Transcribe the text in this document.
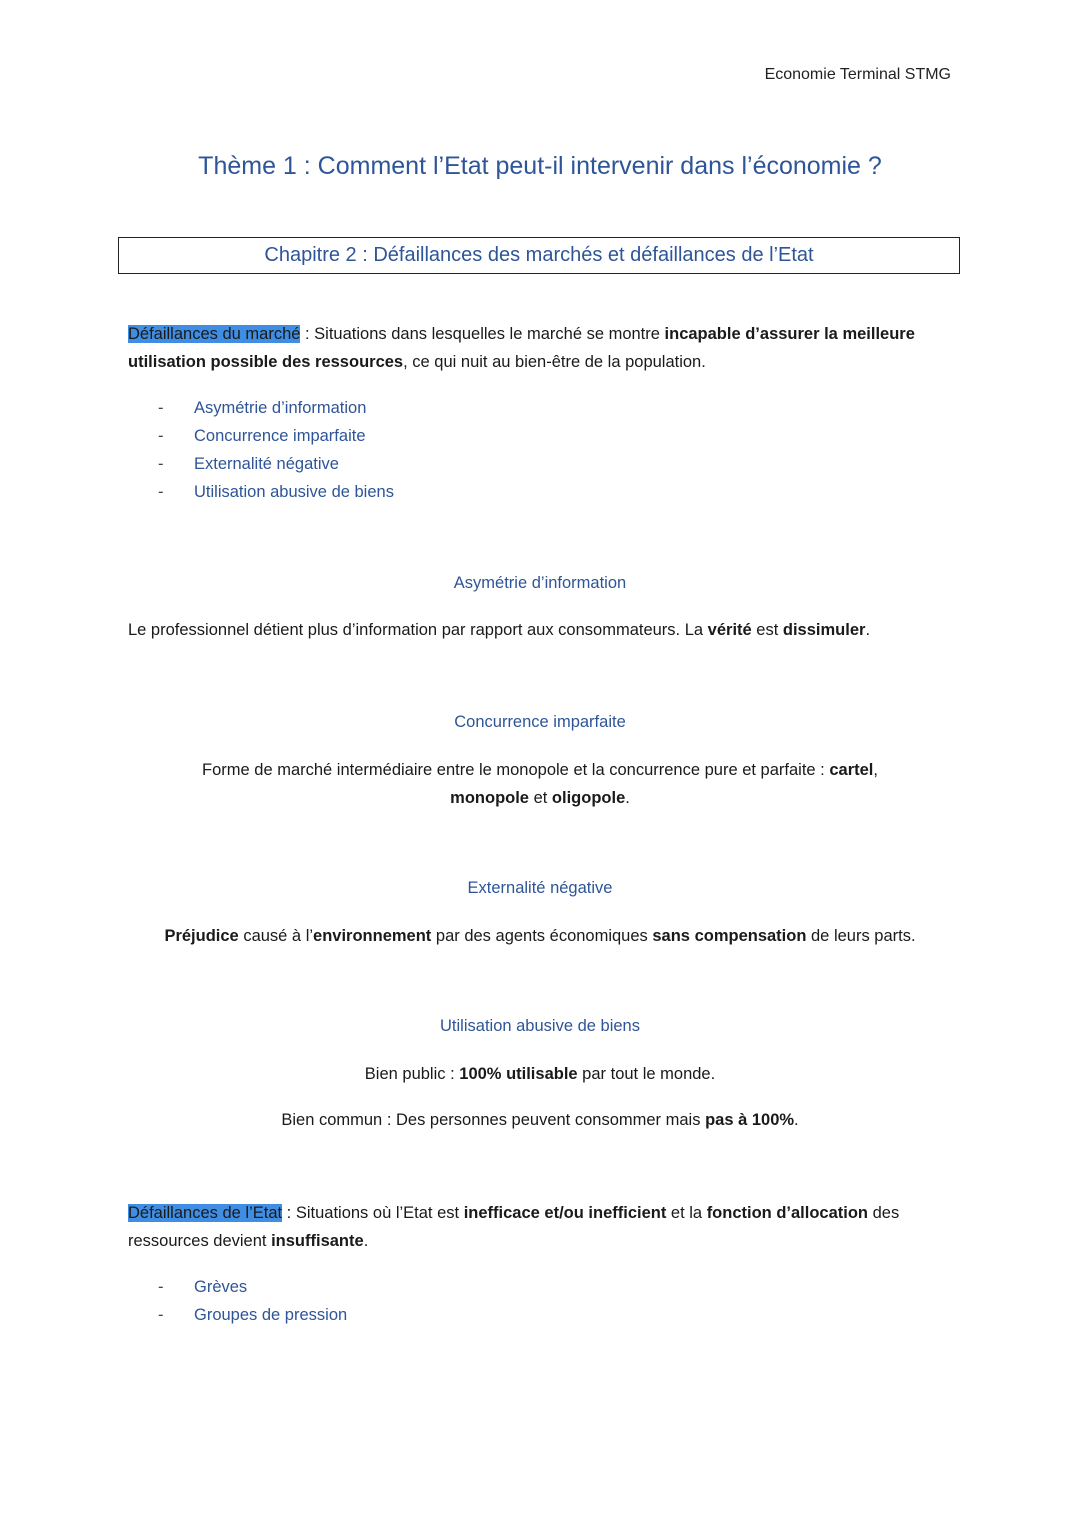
Economie Terminal STMG
Thème 1 : Comment l’Etat peut-il intervenir dans l’économie ?
Chapitre 2 : Défaillances des marchés et défaillances de l’Etat
Défaillances du marché : Situations dans lesquelles le marché se montre incapable d’assurer la meilleure utilisation possible des ressources, ce qui nuit au bien-être de la population.
-	Asymétrie d’information
-	Concurrence imparfaite
-	Externalité négative
-	Utilisation abusive de biens
Asymétrie d’information
Le professionnel détient plus d’information par rapport aux consommateurs. La vérité est dissimuler.
Concurrence imparfaite
Forme de marché intermédiaire entre le monopole et la concurrence pure et parfaite : cartel,
monopole et oligopole.
Externalité négative
Préjudice causé à l’environnement par des agents économiques sans compensation de leurs parts.
Utilisation abusive de biens
Bien public : 100% utilisable par tout le monde.
Bien commun : Des personnes peuvent consommer mais pas à 100%.
Défaillances de l’Etat : Situations où l’Etat est inefficace et/ou inefficient et la fonction d’allocation des ressources devient insuffisante.
-	Grèves
-	Groupes de pression
